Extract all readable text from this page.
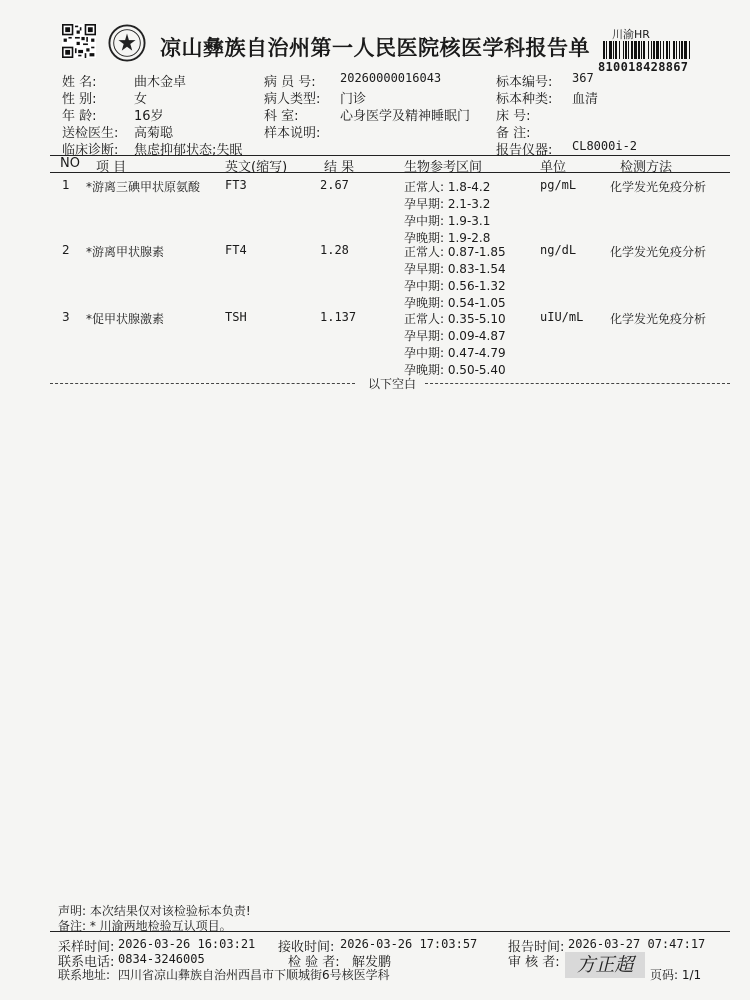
凉山彝族自治州第一人民医院核医学科报告单
川渝HR
810018428867
姓 名:	曲木金卓
性 别:	女
年 龄:	16岁
送检医生: 高菊聪
临床诊断: 焦虑抑郁状态;失眠
病 员 号: 20260000016043
病人类型: 门诊
科 室:	心身医学及精神睡眠门
样本说明:
标本编号: 367
标本种类: 血清
床 号:
备 注:
报告仪器: CL8000i-2
NO 项 目	英文(缩写)	结 果	生物参考区间	单位	检测方法
1 *游离三碘甲状原氨酸 FT3	2.67	正常人: 1.8-4.2
孕早期: 2.1-3.2
孕中期: 1.9-3.1
孕晚期: 1.9-2.8
pg/mL	化学发光免疫分析
2 *游离甲状腺素	FT4	1.28	正常人: 0.87-1.85
孕早期: 0.83-1.54
孕中期: 0.56-1.32
孕晚期: 0.54-1.05
ng/dL	化学发光免疫分析
3 *促甲状腺激素	TSH	1.137	正常人: 0.35-5.10
孕早期: 0.09-4.87
孕中期: 0.47-4.79
孕晚期: 0.50-5.40
uIU/mL 化学发光免疫分析
以下空白
声明: 本次结果仅对该检验标本负责!
备注: * 川渝两地检验互认项目。
采样时间: 2026-03-26 16:03:21 接收时间: 2026-03-26 17:03:57 报告时间: 2026-03-27 07:47:17
联系电话: 0834-3246005	检 验 者: 解发鹏	审 核 者: 方正超
联系地址: 四川省凉山彝族自治州西昌市下顺城街6号核医学科	页码: 1/1
